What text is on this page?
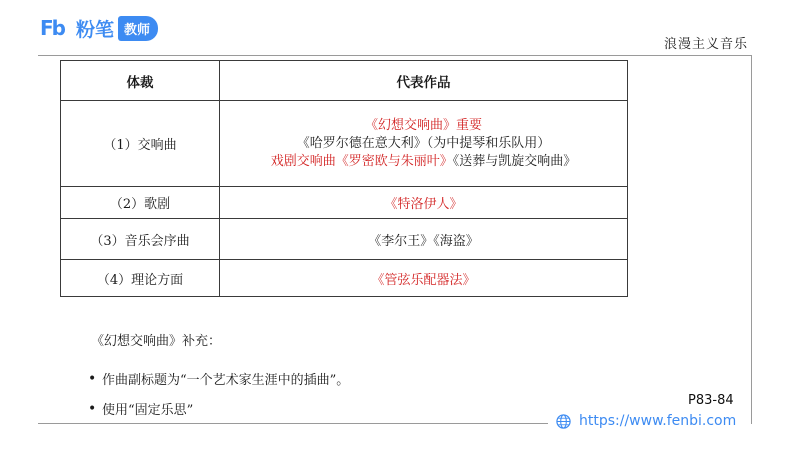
Fb 粉笔 教师
浪漫主义音乐
体裁	代表作品
（1）交响曲	《幻想交响曲》重要
《哈罗尔德在意大利》（为中提琴和乐队用）
戏剧交响曲《罗密欧与朱丽叶》《送葬与凯旋交响曲》

（2）歌剧	《特洛伊人》
（3）音乐会序曲	《李尔王》《海盗》
（4）理论方面	《管弦乐配器法》
《幻想交响曲》补充：
• 作曲副标题为“一个艺术家生涯中的插曲”。
• 使用“固定乐思”
P83-84
https://www.fenbi.com
